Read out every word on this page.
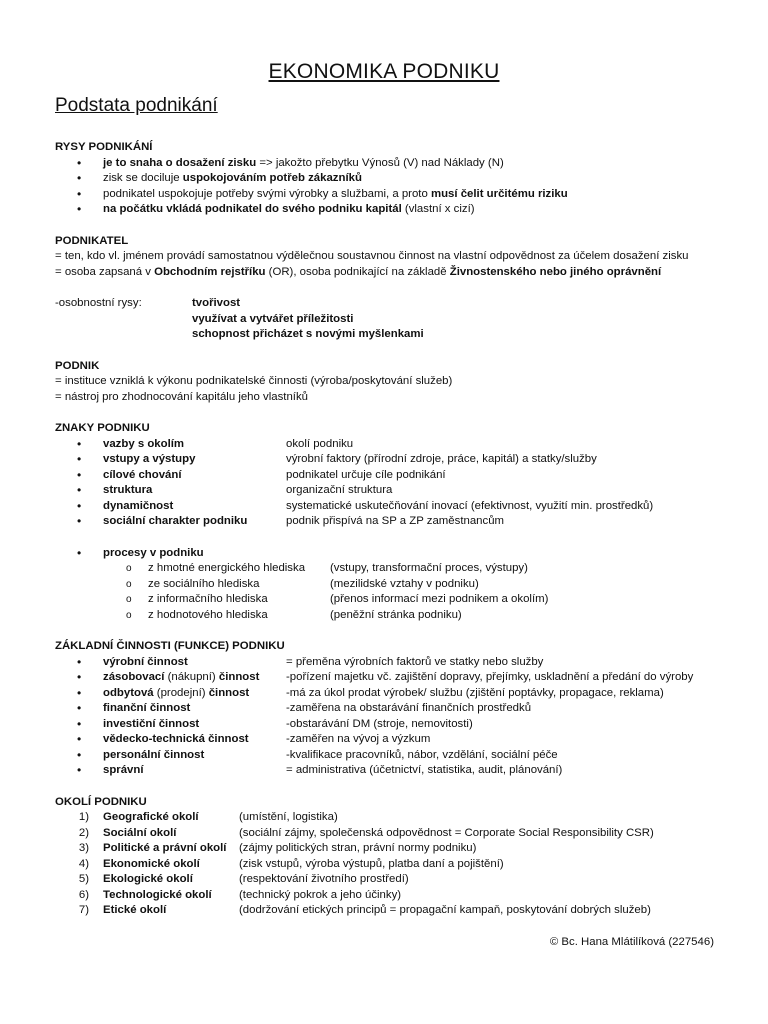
EKONOMIKA PODNIKU
Podstata podnikání
RYSY PODNIKÁNÍ
• je to snaha o dosažení zisku => jakožto přebytku Výnosů (V) nad Náklady (N)
• zisk se dociluje uspokojováním potřeb zákazníků
• podnikatel uspokojuje potřeby svými výrobky a službami, a proto musí čelit určitému riziku
• na počátku vkládá podnikatel do svého podniku kapitál (vlastní x cizí)
PODNIKATEL
= ten, kdo vl. jménem provádí samostatnou výdělečnou soustavnou činnost na vlastní odpovědnost za účelem dosažení zisku
= osoba zapsaná v Obchodním rejstříku (OR), osoba podnikající na základě Živnostenského nebo jiného oprávnění
-osobnostní rysy:	tvořivost
využívat a vytvářet příležitosti
schopnost přicházet s novými myšlenkami
PODNIK
= instituce vzniklá k výkonu podnikatelské činnosti (výroba/poskytování služeb)
= nástroj pro zhodnocování kapitálu jeho vlastníků
ZNAKY PODNIKU
• vazby s okolím	okolí podniku
• vstupy a výstupy	výrobní faktory (přírodní zdroje, práce, kapitál) a statky/služby
• cílové chování	podnikatel určuje cíle podnikání
• struktura	organizační struktura
• dynamičnost	systematické uskutečňování inovací (efektivnost, využití min. prostředků)
• sociální charakter podniku	podnik přispívá na SP a ZP zaměstnancům
• procesy v podniku
o z hmotné energického hlediska	(vstupy, transformační proces, výstupy)
o ze sociálního hlediska	(mezilidské vztahy v podniku)
o z informačního hlediska	(přenos informací mezi podnikem a okolím)
o z hodnotového hlediska	(peněžní stránka podniku)
ZÁKLADNÍ ČINNOSTI (FUNKCE) PODNIKU
• výrobní činnost	= přeměna výrobních faktorů ve statky nebo služby
• zásobovací (nákupní) činnost	-pořízení majetku vč. zajištění dopravy, přejímky, uskladnění a předání do výroby
• odbytová (prodejní) činnost	-má za úkol prodat výrobek/ službu (zjištění poptávky, propagace, reklama)
• finanční činnost	-zaměřena na obstarávání finančních prostředků
• investiční činnost	-obstarávání DM (stroje, nemovitosti)
• vědecko-technická činnost	-zaměřen na vývoj a výzkum
• personální činnost	-kvalifikace pracovníků, nábor, vzdělání, sociální péče
• správní	= administrativa (účetnictví, statistika, audit, plánování)
OKOLÍ PODNIKU
1) Geografické okolí	(umístění, logistika)
2) Sociální okolí	(sociální zájmy, společenská odpovědnost = Corporate Social Responsibility CSR)
3) Politické a právní okolí	(zájmy politických stran, právní normy podniku)
4) Ekonomické okolí	(zisk vstupů, výroba výstupů, platba daní a pojištění)
5) Ekologické okolí	(respektování životního prostředí)
6) Technologické okolí	(technický pokrok a jeho účinky)
7) Etické okolí	(dodržování etických principů = propagační kampaň, poskytování dobrých služeb)
© Bc. Hana Mlátilíková (227546)
